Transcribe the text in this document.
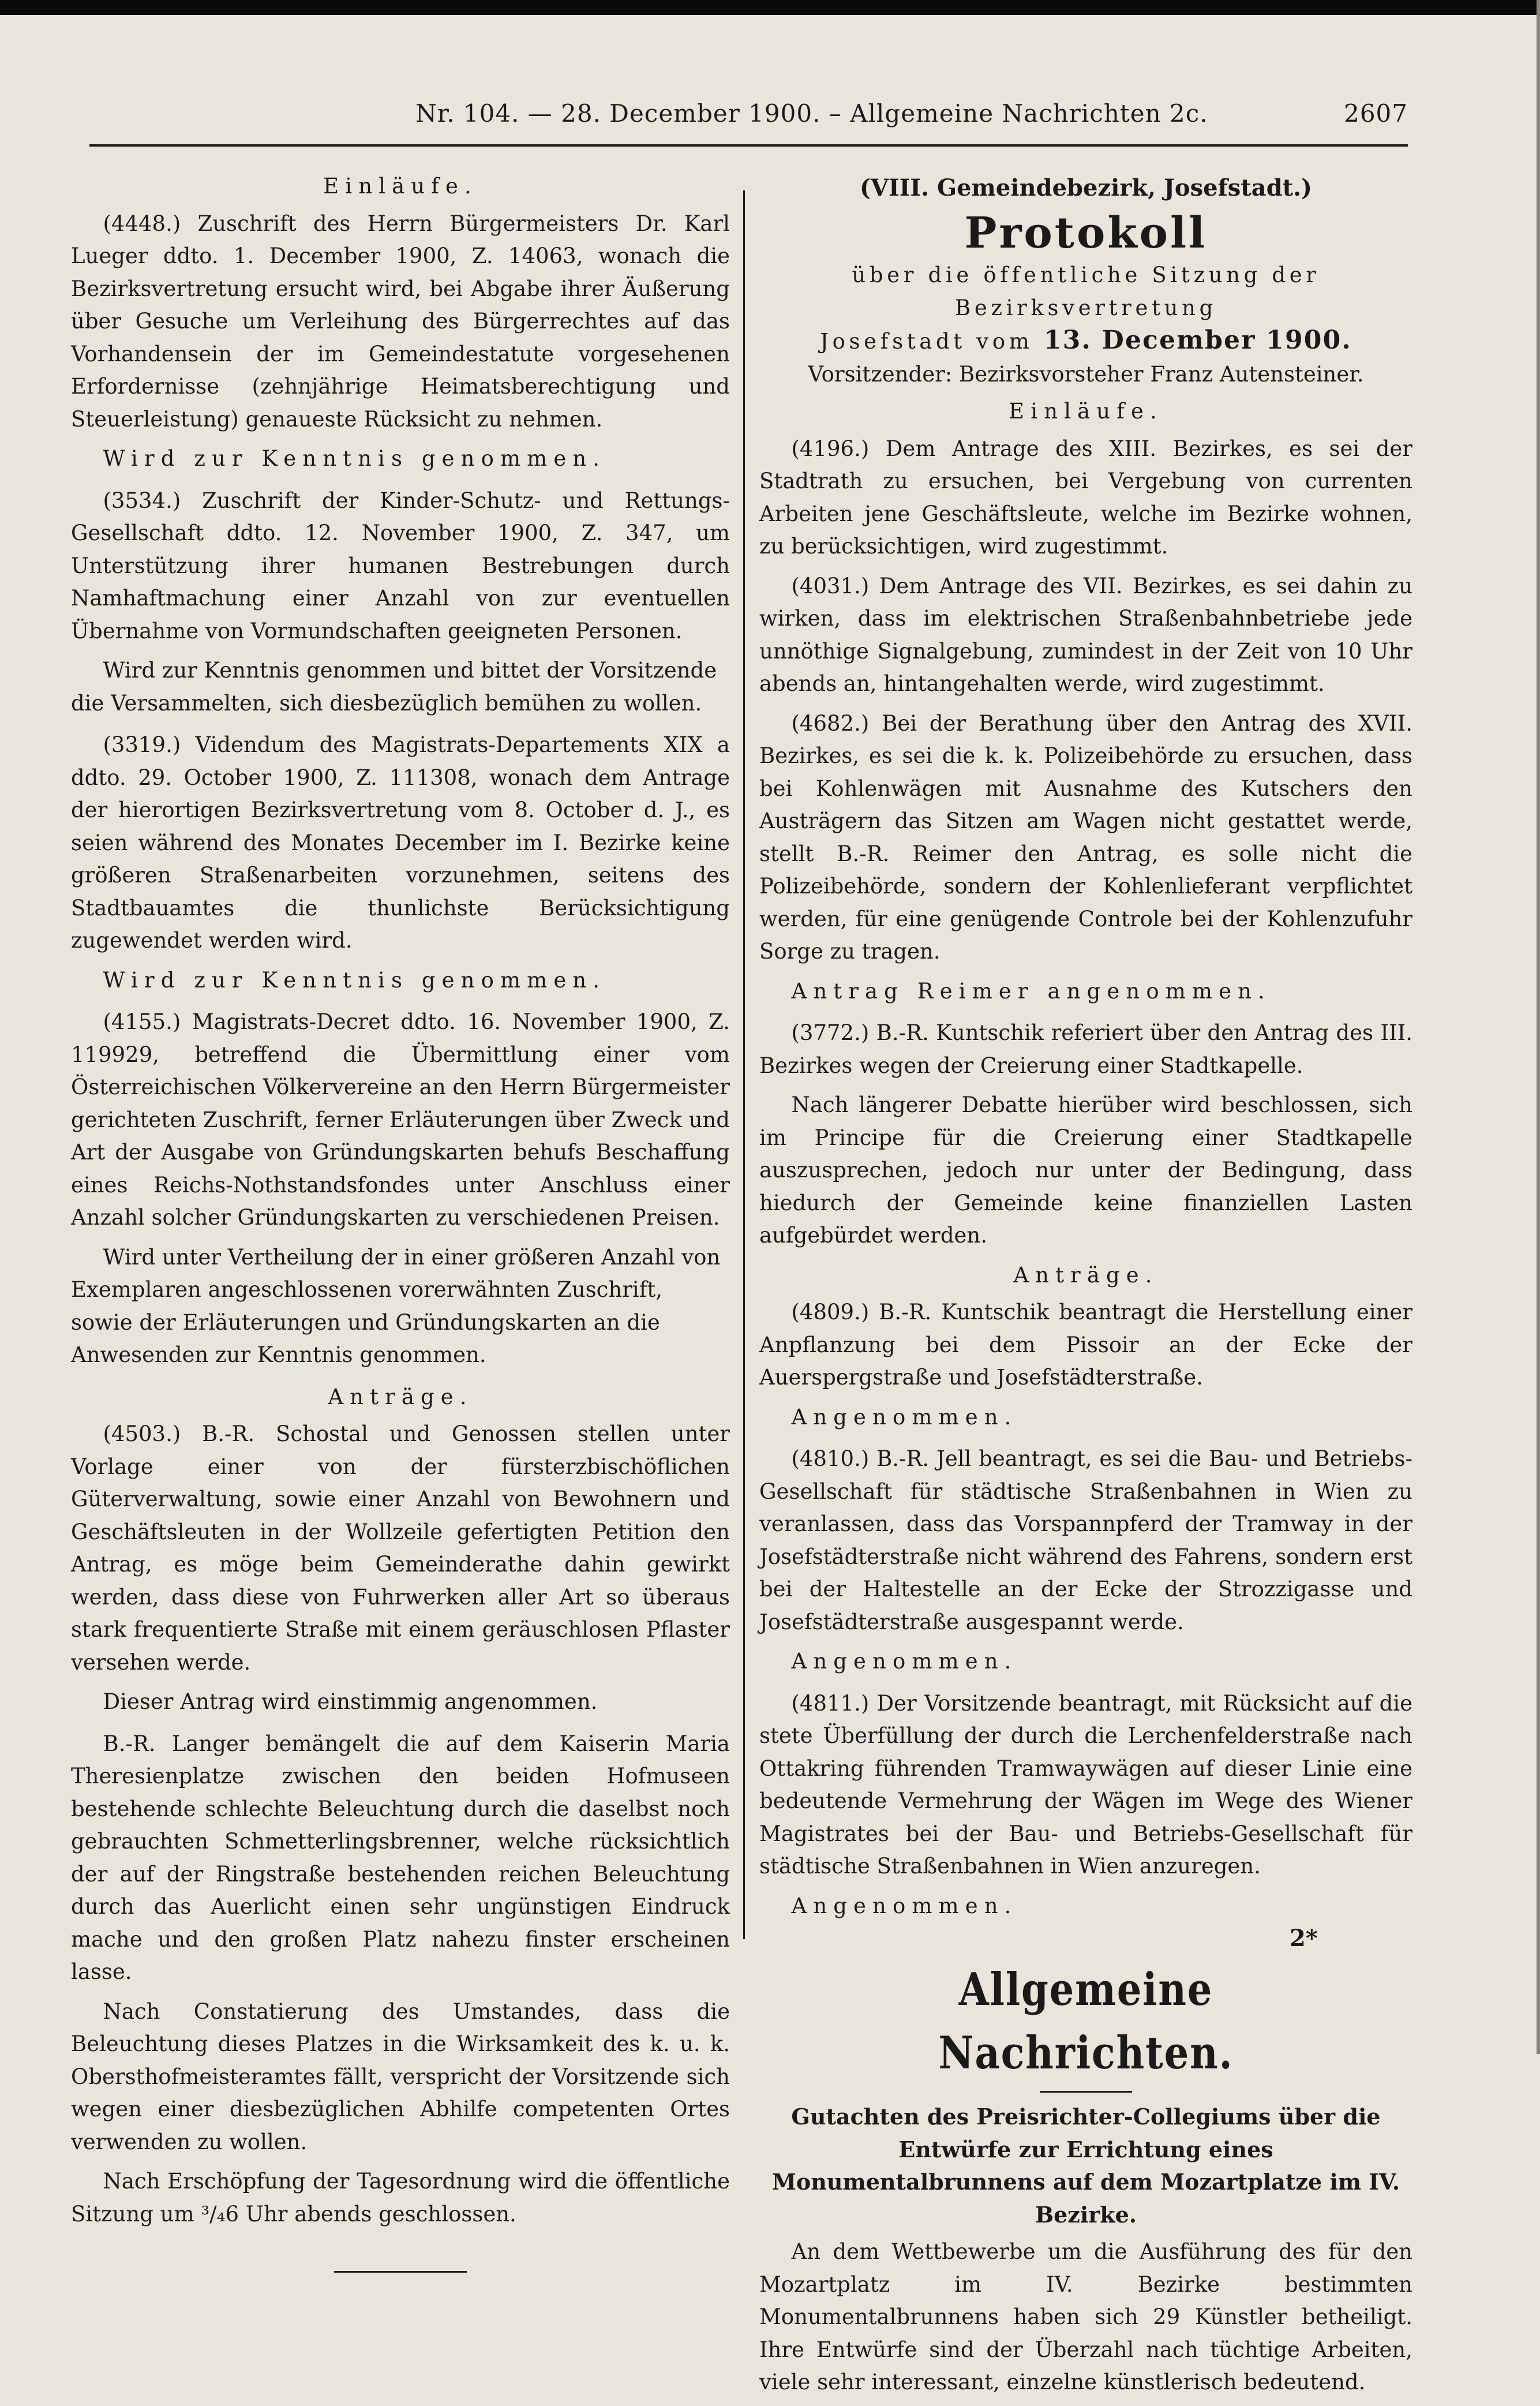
Nr. 104. — 28. December 1900. – Allgemeine Nachrichten 2c.	2607
Einläufe.

(4448.) Zuschrift des Herrn Bürgermeisters Dr. Karl Lueger ddto. 1. December 1900, Z. 14063, wonach die Bezirksvertretung ersucht wird, bei Abgabe ihrer Äußerung über Gesuche um Verleihung des Bürgerrechtes auf das Vorhandensein der im Gemeindestatute vorgesehenen Erfordernisse (zehnjährige Heimatsberechtigung und Steuerleistung) genaueste Rücksicht zu nehmen.

Wird zur Kenntnis genommen.

(3534.) Zuschrift der Kinder-Schutz- und Rettungs-Gesellschaft ddto. 12. November 1900, Z. 347, um Unterstützung ihrer humanen Bestrebungen durch Namhaftmachung einer Anzahl von zur eventuellen Übernahme von Vormundschaften geeigneten Personen.

Wird zur Kenntnis genommen und bittet der Vorsitzende die Versammelten, sich diesbezüglich bemühen zu wollen.

(3319.) Videndum des Magistrats-Departements XIX a ddto. 29. October 1900, Z. 111308, wonach dem Antrage der hierortigen Bezirksvertretung vom 8. October d. J., es seien während des Monates December im I. Bezirke keine größeren Straßenarbeiten vorzunehmen, seitens des Stadtbauamtes die thunlichste Berücksichtigung zugewendet werden wird.

Wird zur Kenntnis genommen.

(4155.) Magistrats-Decret ddto. 16. November 1900, Z. 119929, betreffend die Übermittlung einer vom Österreichischen Völkervereine an den Herrn Bürgermeister gerichteten Zuschrift, ferner Erläuterungen über Zweck und Art der Ausgabe von Gründungskarten behufs Beschaffung eines Reichs-Nothstandsfondes unter Anschluss einer Anzahl solcher Gründungskarten zu verschiedenen Preisen.

Wird unter Vertheilung der in einer größeren Anzahl von Exemplaren angeschlossenen vorerwähnten Zuschrift, sowie der Erläuterungen und Gründungskarten an die Anwesenden zur Kenntnis genommen.
Anträge.

(4503.) B.-R. Schostal und Genossen stellen unter Vorlage einer von der fürsterzbischöflichen Güterverwaltung, sowie einer Anzahl von Bewohnern und Geschäftsleuten in der Wollzeile gefertigten Petition den Antrag, es möge beim Gemeinderathe dahin gewirkt werden, dass diese von Fuhrwerken aller Art so überaus stark frequentierte Straße mit einem geräuschlosen Pflaster versehen werde.

Dieser Antrag wird einstimmig angenommen.

B.-R. Langer bemängelt die auf dem Kaiserin Maria Theresienplatze zwischen den beiden Hofmuseen bestehende schlechte Beleuchtung durch die daselbst noch gebrauchten Schmetterlingsbrenner, welche rücksichtlich der auf der Ringstraße bestehenden reichen Beleuchtung durch das Auerlicht einen sehr ungünstigen Eindruck mache und den großen Platz nahezu finster erscheinen lasse.

Nach Constatierung des Umstandes, dass die Beleuchtung dieses Platzes in die Wirksamkeit des k. u. k. Obersthofmeisteramtes fällt, verspricht der Vorsitzende sich wegen einer diesbezüglichen Abhilfe competenten Ortes verwenden zu wollen.

Nach Erschöpfung der Tagesordnung wird die öffentliche Sitzung um ³/₄6 Uhr abends geschlossen.

(VIII. Gemeindebezirk, Josefstadt.)
Protokoll
über die öffentliche Sitzung der Bezirksvertretung
Josefstadt vom 13. December 1900.
Vorsitzender: Bezirksvorsteher Franz Autensteiner.
Einläufe.

(4196.) Dem Antrage des XIII. Bezirkes, es sei der Stadtrath zu ersuchen, bei Vergebung von currenten Arbeiten jene Geschäftsleute, welche im Bezirke wohnen, zu berücksichtigen, wird zugestimmt.

(4031.) Dem Antrage des VII. Bezirkes, es sei dahin zu wirken, dass im elektrischen Straßenbahnbetriebe jede unnöthige Signalgebung, zumindest in der Zeit von 10 Uhr abends an, hintangehalten werde, wird zugestimmt.

(4682.) Bei der Berathung über den Antrag des XVII. Bezirkes, es sei die k. k. Polizeibehörde zu ersuchen, dass bei Kohlenwägen mit Ausnahme des Kutschers den Austrägern das Sitzen am Wagen nicht gestattet werde, stellt B.-R. Reimer den Antrag, es solle nicht die Polizeibehörde, sondern der Kohlenlieferant verpflichtet werden, für eine genügende Controle bei der Kohlenzufuhr Sorge zu tragen.

Antrag Reimer angenommen.

(3772.) B.-R. Kuntschik referiert über den Antrag des III. Bezirkes wegen der Creierung einer Stadtkapelle.

Nach längerer Debatte hierüber wird beschlossen, sich im Principe für die Creierung einer Stadtkapelle auszusprechen, jedoch nur unter der Bedingung, dass hiedurch der Gemeinde keine finanziellen Lasten aufgebürdet werden.

Anträge.

(4809.) B.-R. Kuntschik beantragt die Herstellung einer Anpflanzung bei dem Pissoir an der Ecke der Auerspergstraße und Josefstädterstraße.

Angenommen.

(4810.) B.-R. Jell beantragt, es sei die Bau- und Betriebs-Gesellschaft für städtische Straßenbahnen in Wien zu veranlassen, dass das Vorspannpferd der Tramway in der Josefstädterstraße nicht während des Fahrens, sondern erst bei der Haltestelle an der Ecke der Strozzigasse und Josefstädterstraße ausgespannt werde.

Angenommen.

(4811.) Der Vorsitzende beantragt, mit Rücksicht auf die stete Überfüllung der durch die Lerchenfelderstraße nach Ottakring führenden Tramwaywägen auf dieser Linie eine bedeutende Vermehrung der Wägen im Wege des Wiener Magistrates bei der Bau- und Betriebs-Gesellschaft für städtische Straßenbahnen in Wien anzuregen.

Angenommen.
Allgemeine Nachrichten.
Gutachten des Preisrichter-Collegiums über die Entwürfe zur Errichtung eines Monumentalbrunnens auf dem Mozartplatze im IV. Bezirke.

An dem Wettbewerbe um die Ausführung des für den Mozartplatz im IV. Bezirke bestimmten Monumentalbrunnens haben sich 29 Künstler betheiligt. Ihre Entwürfe sind der Überzahl nach tüchtige Arbeiten, viele sehr interessant, einzelne künstlerisch bedeutend.

2*
